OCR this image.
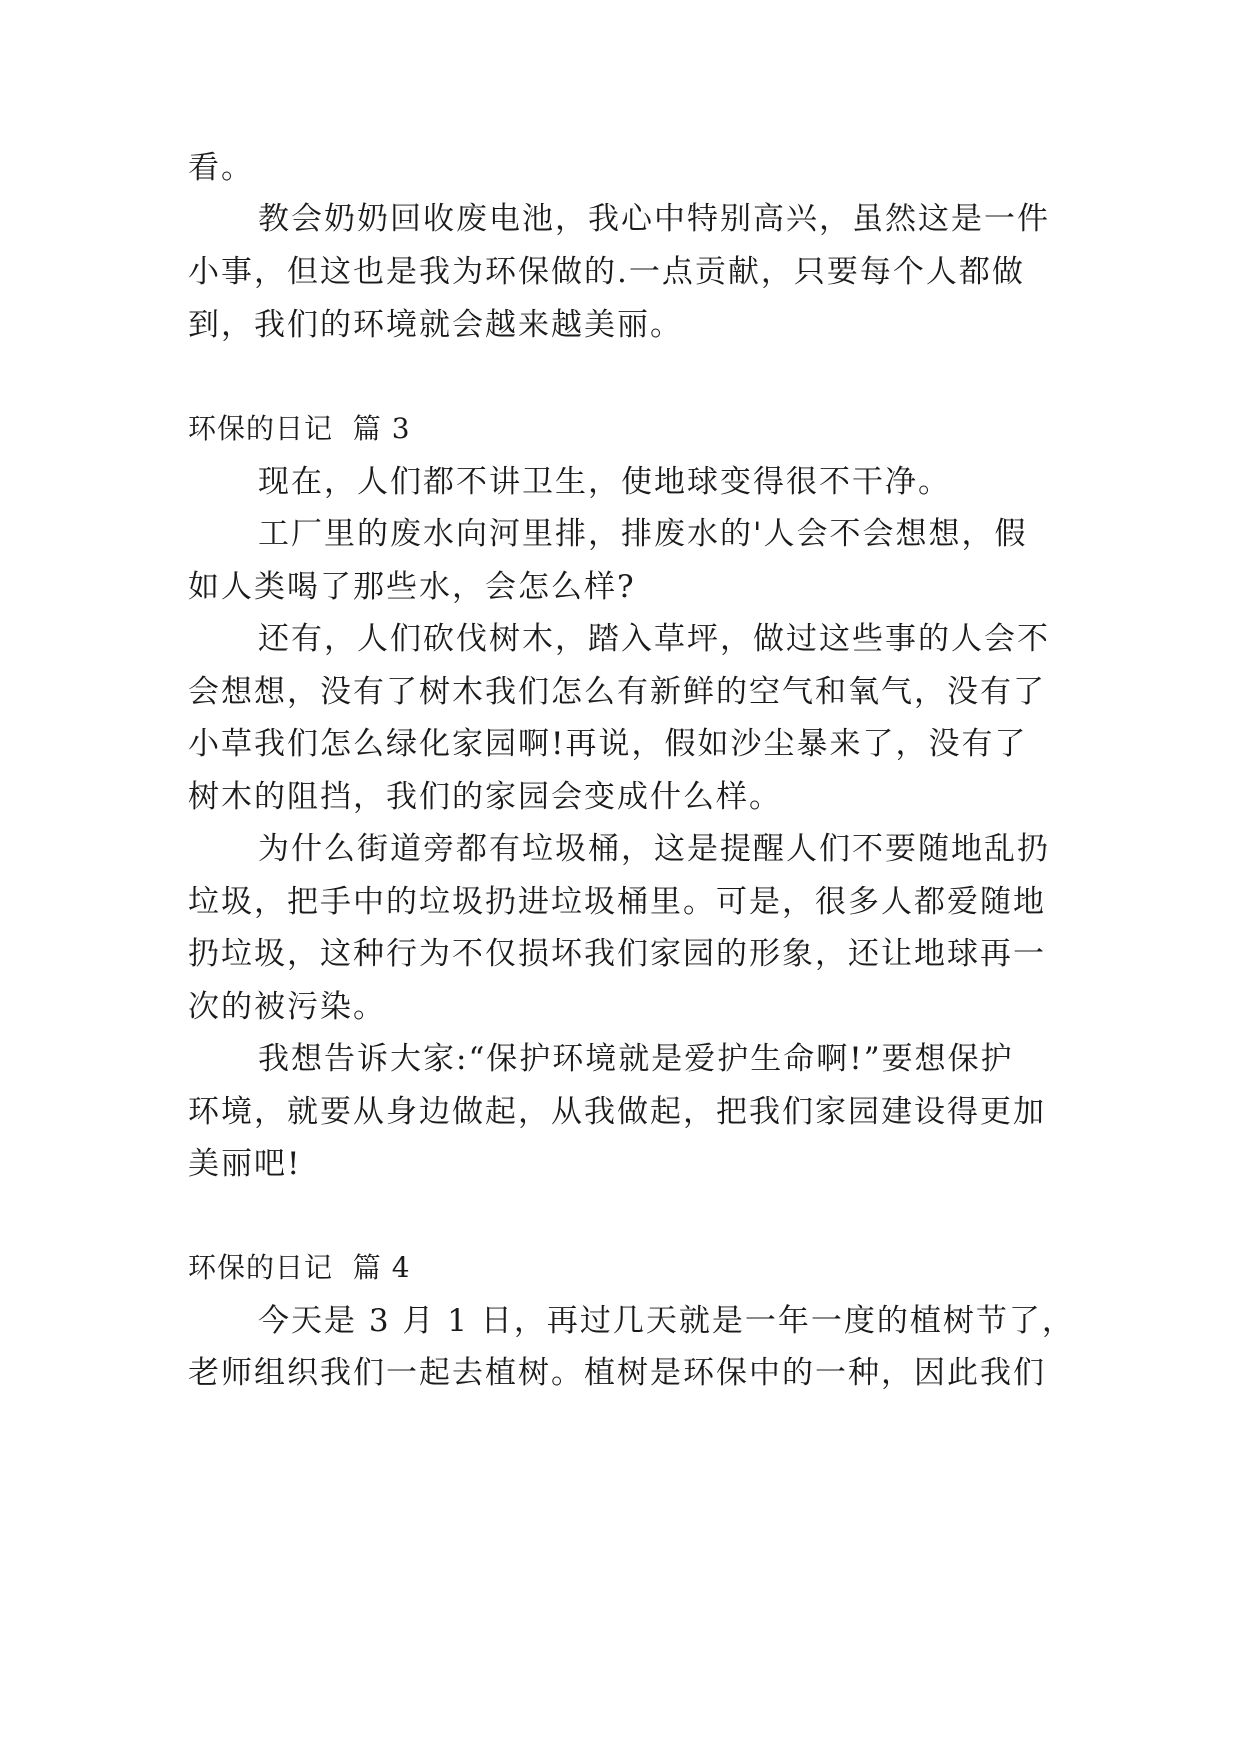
看。
教会奶奶回收废电池，我心中特别高兴，虽然这是一件
小事，但这也是我为环保做的.一点贡献，只要每个人都做
到，我们的环境就会越来越美丽。
环保的日记  篇 3
现在，人们都不讲卫生，使地球变得很不干净。
工厂里的废水向河里排，排废水的'人会不会想想，假
如人类喝了那些水，会怎么样?
还有，人们砍伐树木，踏入草坪，做过这些事的人会不
会想想，没有了树木我们怎么有新鲜的空气和氧气，没有了
小草我们怎么绿化家园啊!再说，假如沙尘暴来了，没有了
树木的阻挡，我们的家园会变成什么样。
为什么街道旁都有垃圾桶，这是提醒人们不要随地乱扔
垃圾，把手中的垃圾扔进垃圾桶里。可是，很多人都爱随地
扔垃圾，这种行为不仅损坏我们家园的形象，还让地球再一
次的被污染。
我想告诉大家:“保护环境就是爱护生命啊!”要想保护
环境，就要从身边做起，从我做起，把我们家园建设得更加
美丽吧!
环保的日记  篇 4
今天是 3 月 1 日，再过几天就是一年一度的植树节了，
老师组织我们一起去植树。植树是环保中的一种，因此我们
